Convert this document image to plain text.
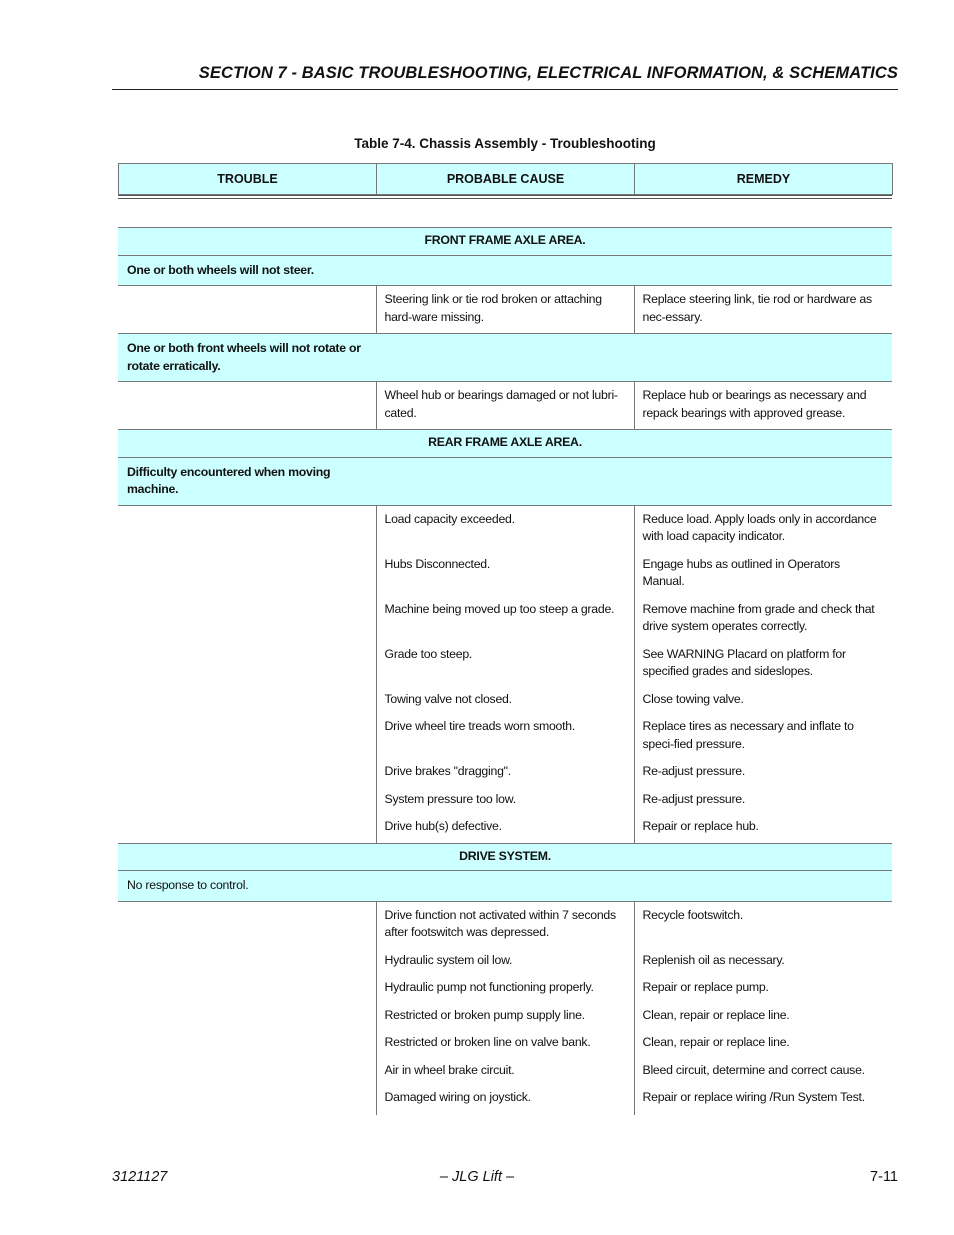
SECTION 7 - BASIC TROUBLESHOOTING, ELECTRICAL INFORMATION, & SCHEMATICS
Table 7-4. Chassis Assembly - Troubleshooting
TROUBLE	PROBABLE CAUSE	REMEDY
FRONT FRAME AXLE AREA.		
One or both wheels will not steer.		
	Steering link or tie rod broken or attaching hard-ware missing.	Replace steering link, tie rod or hardware as nec-essary.
One or both front wheels will not rotate or rotate erratically.		
	Wheel hub or bearings damaged or not lubri-cated.	Replace hub or bearings as necessary and repack bearings with approved grease.
REAR FRAME AXLE AREA.		
Difficulty encountered when moving machine.		
	Load capacity exceeded.	Reduce load. Apply loads only in accordance with load capacity indicator.
	Hubs Disconnected.	Engage hubs as outlined in Operators Manual.
	Machine being moved up too steep a grade.	Remove machine from grade and check that drive system operates correctly.
	Grade too steep.	See WARNING Placard on platform for specified grades and sideslopes.
	Towing valve not closed.	Close towing valve.
	Drive wheel tire treads worn smooth.	Replace tires as necessary and inflate to speci-fied pressure.
	Drive brakes "dragging".	Re-adjust pressure.
	System pressure too low.	Re-adjust pressure.
	Drive hub(s) defective.	Repair or replace hub.
DRIVE SYSTEM.		
No response to control.		
	Drive function not activated within 7 seconds after footswitch was depressed.	Recycle footswitch.
	Hydraulic system oil low.	Replenish oil as necessary.
	Hydraulic pump not functioning properly.	Repair or replace pump.
	Restricted or broken pump supply line.	Clean, repair or replace line.
	Restricted or broken line on valve bank.	Clean, repair or replace line.
	Air in wheel brake circuit.	Bleed circuit, determine and correct cause.
	Damaged wiring on joystick.	Repair or replace wiring /Run System Test.
3121127	– JLG Lift –	7-11
